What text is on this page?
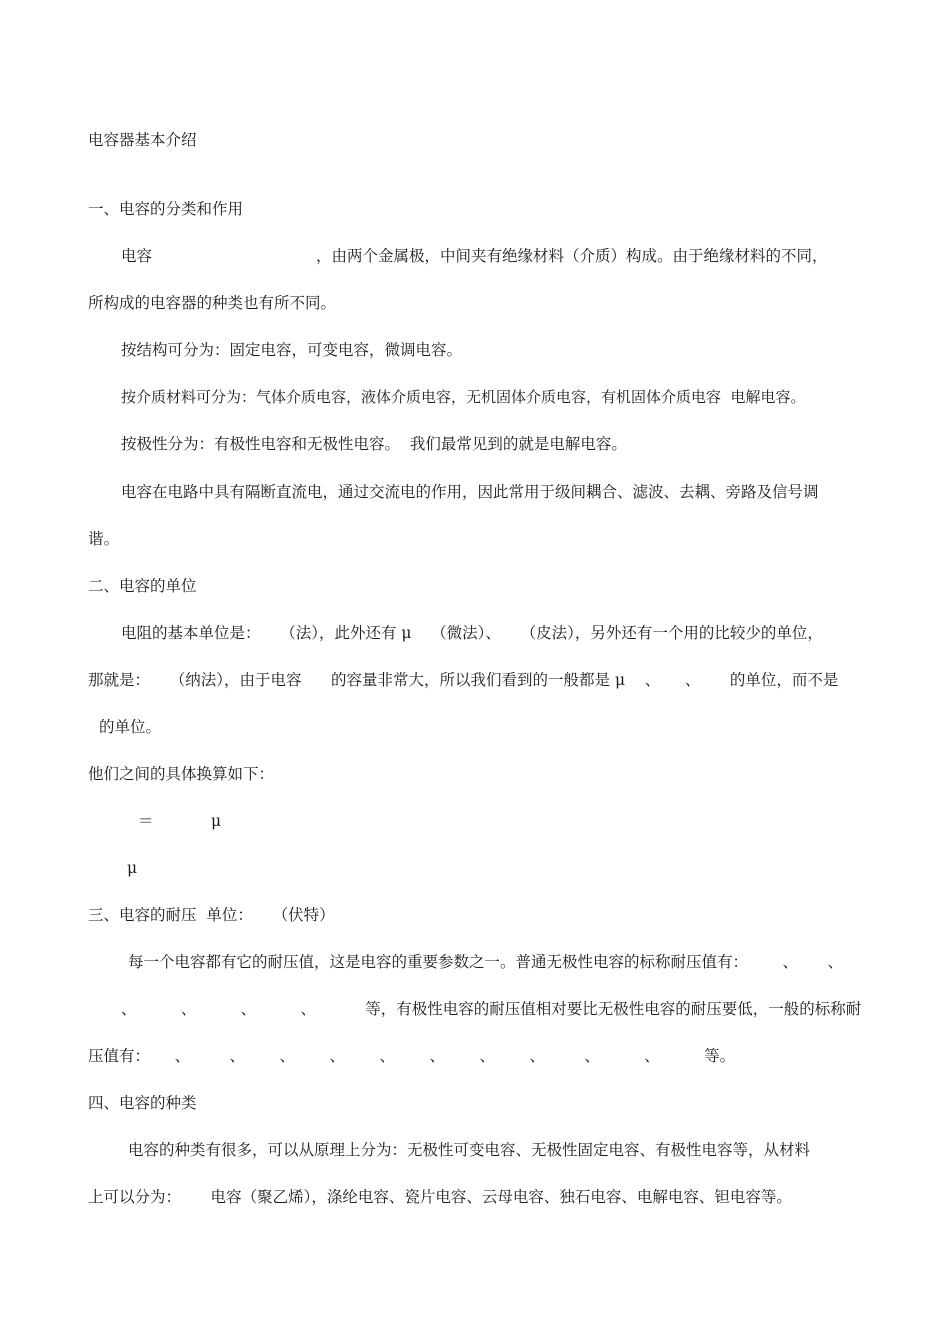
电容器基本介绍
一、电容的分类和作用
电容	，由两个金属极，中间夹有绝缘材料（介质）构成。由于绝缘材料的不同，
所构成的电容器的种类也有所不同。
按结构可分为：固定电容，可变电容，微调电容。
按介质材料可分为：气体介质电容，液体介质电容，无机固体介质电容，有机固体介质电容  电解电容。
按极性分为：有极性电容和无极性电容。  我们最常见到的就是电解电容。
电容在电路中具有隔断直流电，通过交流电的作用，因此常用于级间耦合、滤波、去耦、旁路及信号调
谐。
二、电容的单位
电阻的基本单位是：    （法），此外还有 μ    （微法）、    （皮法），另外还有一个用的比较少的单位，
那就是：    （纳法），由于电容      的容量非常大，所以我们看到的一般都是 μ    、     、      的单位，而不是
的单位。
他们之间的具体换算如下：
＝	μ
μ
三、电容的耐压  单位：    （伏特）
每一个电容都有它的耐压值，这是电容的重要参数之一。普通无极性电容的标称耐压值有：       、      、
、         、         、         、          等，有极性电容的耐压值相对要比无极性电容的耐压要低，一般的标称耐
压值有：     、        、       、       、       、       、       、       、        、         、         等。
四、电容的种类
电容的种类有很多，可以从原理上分为：无极性可变电容、无极性固定电容、有极性电容等，从材料
上可以分为：      电容（聚乙烯），涤纶电容、瓷片电容、云母电容、独石电容、电解电容、钽电容等。
